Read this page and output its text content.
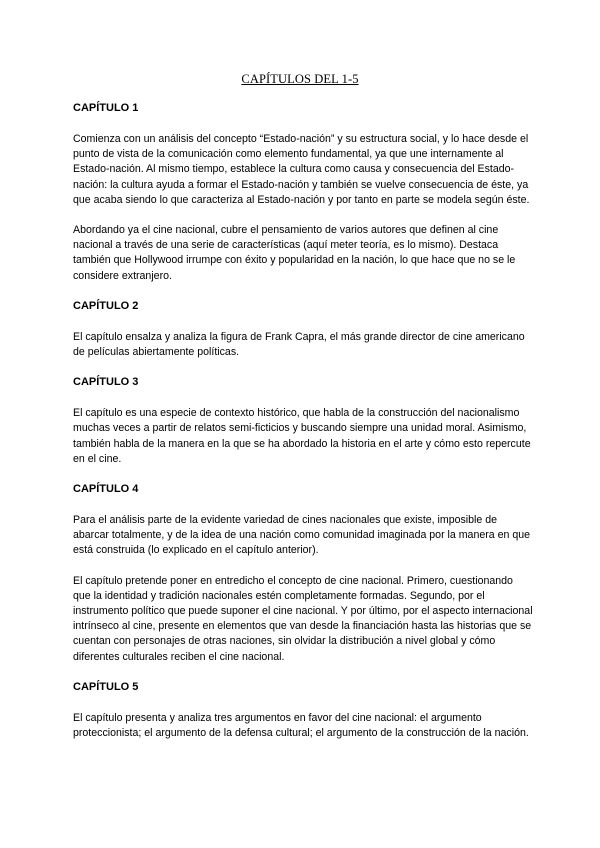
CAPÍTULOS DEL 1-5
CAPÍTULO 1

Comienza con un análisis del concepto “Estado-nación” y su estructura social, y lo hace desde el punto de vista de la comunicación como elemento fundamental, ya que une internamente al Estado-nación. Al mismo tiempo, establece la cultura como causa y consecuencia del Estado-nación: la cultura ayuda a formar el Estado-nación y también se vuelve consecuencia de éste, ya que acaba siendo lo que caracteriza al Estado-nación y por tanto en parte se modela según éste.

Abordando ya el cine nacional, cubre el pensamiento de varios autores que definen al cine nacional a través de una serie de características (aquí meter teoría, es lo mismo). Destaca también que Hollywood irrumpe con éxito y popularidad en la nación, lo que hace que no se le considere extranjero.

CAPÍTULO 2

El capítulo ensalza y analiza la figura de Frank Capra, el más grande director de cine americano de películas abiertamente políticas.

CAPÍTULO 3

El capítulo es una especie de contexto histórico, que habla de la construcción del nacionalismo muchas veces a partir de relatos semi-ficticios y buscando siempre una unidad moral. Asimismo, también habla de la manera en la que se ha abordado la historia en el arte y cómo esto repercute en el cine.

CAPÍTULO 4

Para el análisis parte de la evidente variedad de cines nacionales que existe, imposible de abarcar totalmente, y de la idea de una nación como comunidad imaginada por la manera en que está construida (lo explicado en el capítulo anterior).

El capítulo pretende poner en entredicho el concepto de cine nacional. Primero, cuestionando que la identidad y tradición nacionales estén completamente formadas. Segundo, por el instrumento político que puede suponer el cine nacional. Y por último, por el aspecto internacional intrínseco al cine, presente en elementos que van desde la financiación hasta las historias que se cuentan con personajes de otras naciones, sin olvidar la distribución a nivel global y cómo diferentes culturales reciben el cine nacional.

CAPÍTULO 5

El capítulo presenta y analiza tres argumentos en favor del cine nacional: el argumento proteccionista; el argumento de la defensa cultural; el argumento de la construcción de la nación.
